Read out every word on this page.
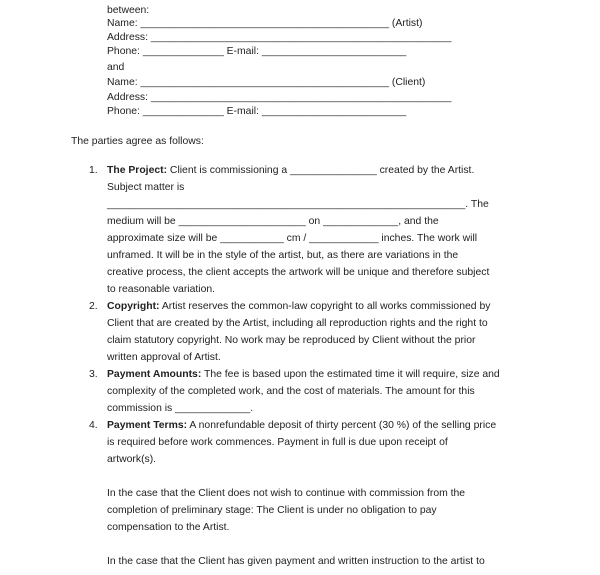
between:
Name: ___________________________________________ (Artist)
Address: ____________________________________________________
Phone: ______________ E-mail: _________________________
and
Name: ___________________________________________ (Client)
Address: ____________________________________________________
Phone: ______________ E-mail: _________________________
The parties agree as follows:
1. The Project: Client is commissioning a _______________ created by the Artist.
Subject matter is
______________________________________________________________. The
medium will be ______________________ on _____________, and the
approximate size will be ___________ cm / ____________ inches. The work will
unframed. It will be in the style of the artist, but, as there are variations in the
creative process, the client accepts the artwork will be unique and therefore subject
to reasonable variation.
2. Copyright: Artist reserves the common-law copyright to all works commissioned by
Client that are created by the Artist, including all reproduction rights and the right to
claim statutory copyright. No work may be reproduced by Client without the prior
written approval of Artist.
3. Payment Amounts: The fee is based upon the estimated time it will require, size and
complexity of the completed work, and the cost of materials. The amount for this
commission is _____________.
4. Payment Terms: A nonrefundable deposit of thirty percent (30 %) of the selling price
is required before work commences. Payment in full is due upon receipt of
artwork(s).
In the case that the Client does not wish to continue with commission from the
completion of preliminary stage: The Client is under no obligation to pay
compensation to the Artist.
In the case that the Client has given payment and written instruction to the artist to
